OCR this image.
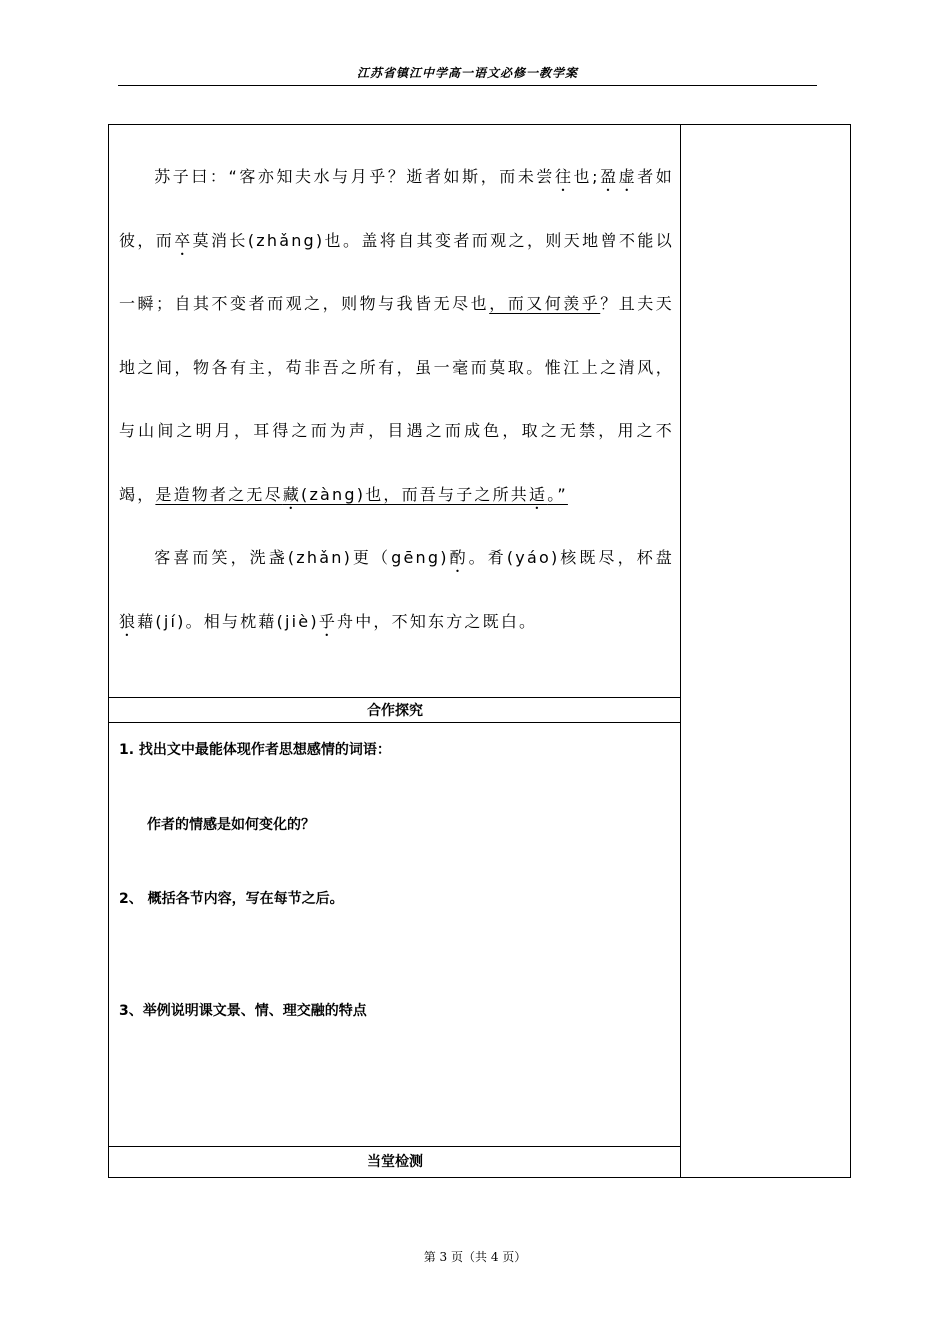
江苏省镇江中学高一语文必修一教学案

苏子曰：“客亦知夫水与月乎？逝者如斯，而未尝往也;盈虚者如彼，而卒莫消长(zhǎng)也。盖将自其变者而观之，则天地曾不能以一瞬；自其不变者而观之，则物与我皆无尽也，而又何羡乎？且夫天地之间，物各有主，苟非吾之所有，虽一毫而莫取。惟江上之清风，与山间之明月，耳得之而为声，目遇之而成色，取之无禁，用之不竭，是造物者之无尽藏(zàng)也，而吾与子之所共适。”

客喜而笑，洗盏(zhǎn)更（gēng)酌。肴(yáo)核既尽，杯盘狼藉(jí)。相与枕藉(jiè)乎舟中，不知东方之既白。

合作探究
1. 找出文中最能体现作者思想感情的词语：
作者的情感是如何变化的？
2、 概括各节内容，写在每节之后。
3、举例说明课文景、情、理交融的特点
当堂检测
第 3 页（共 4 页）
